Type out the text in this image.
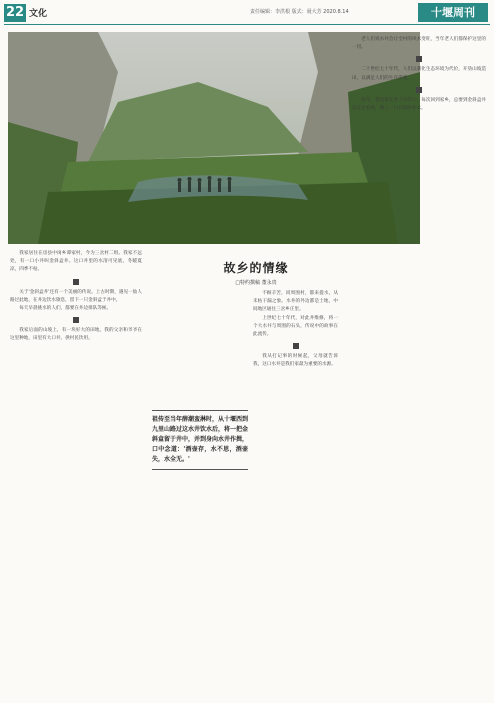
22 文化	责任编辑：李洪根 版式：聂大芳 2020.8.14	十堰周刊

我家居住在房县中岗乡谭家村，今为三岔村二组。我家不远处，有一口小井叫金斜盒井。这口井里的水清可见底，冬暖夏凉，四季不枯。

关于'金斜盒井'还有一个美丽的传说。上古时期，遇见一仙人路过此地，在井边饮水歇息，留下一只金斜盒于井中。

每天早晨挑水的人们，都要在井边排队等候。

我家后面的山坡上，有一块好大的田地，我的父亲和爷爷在这里种地，田里有大口井，供村民饮用。

故乡的情缘
□特约撰稿 董永贵
祖传至当年薛潮蛮淋时，从十堰西到九里山路过这水井饮水后，将一把金斜盒留于井中，并到身向水井作揖，口中念道：'酒壶存，水不思，酒壶失，水全无。'

不顾辛苦，同周围村，都来提水，从未枯干漏之象。水井的外边都是土地，中间地区通往三岔乡庄里。

上世纪七十年代，对此井维修，将一个大水井与周围的石头，传说中的故事在此流传。

我从打记事的时候起，父母就告诉我，这口水井是我们家最为重要的水源。

老人们说水井会让全村的风水变旺，当年老人们都保护这里的一切。

二十世纪七十年代，人们以驯化生态环境为代价，开垦山坡造田，以满足人们的生存需要。

如今，我也是在外工作的人，每次回到家乡，总要到金斜盒井边走走看看，喝上一口甘甜的井水。
